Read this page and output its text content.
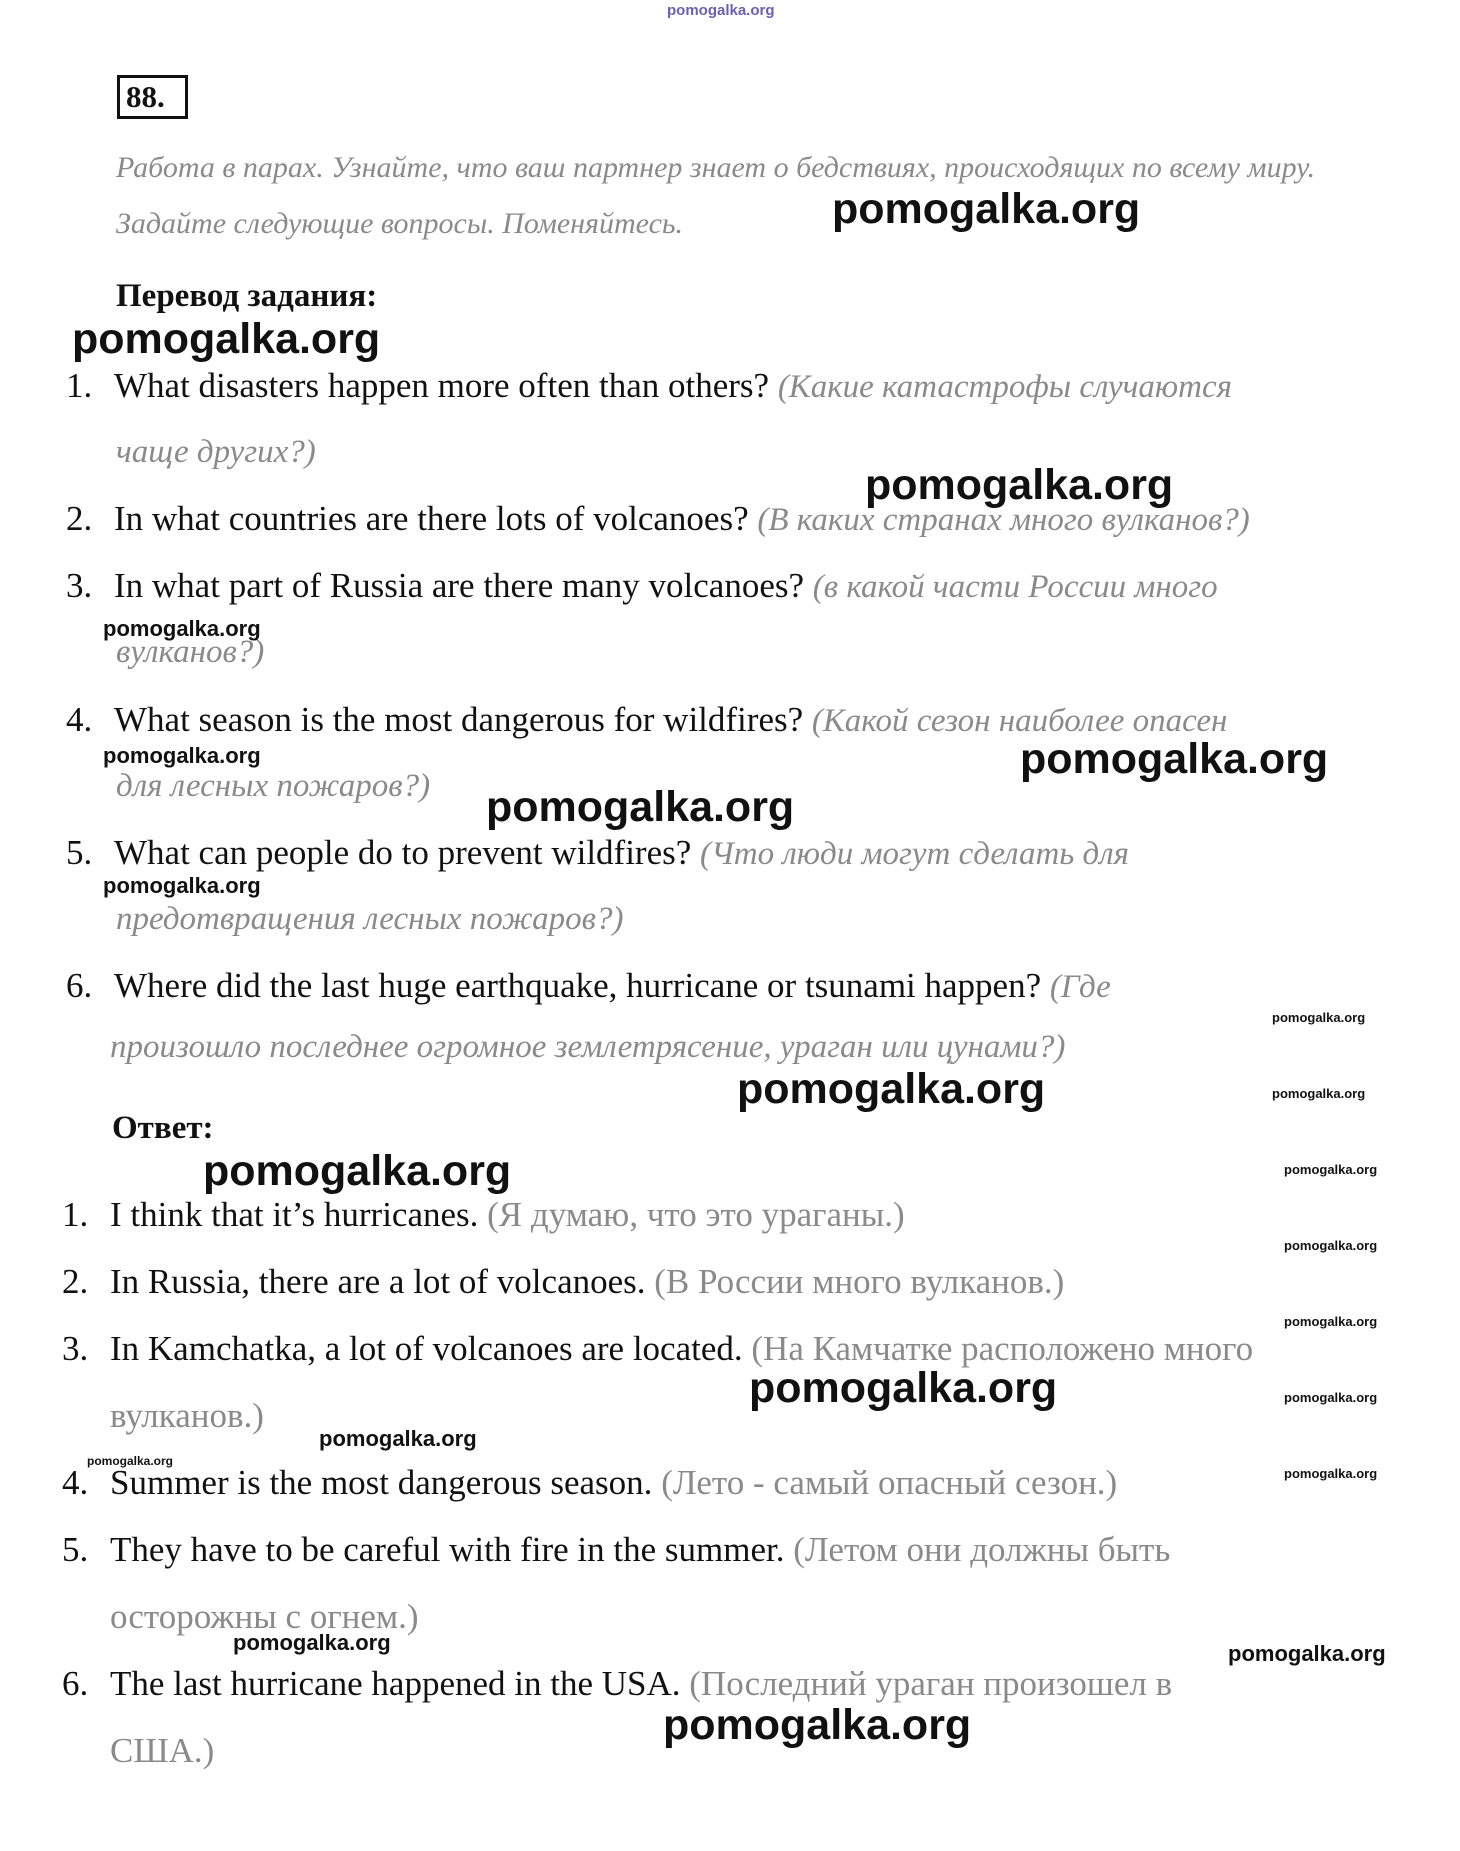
pomogalka.org
88.
Работа в парах. Узнайте, что ваш партнер знает о бедствиях, происходящих по всему миру. Задайте следующие вопросы. Поменяйтесь.
Перевод задания:
1. What disasters happen more often than others? (Какие катастрофы случаются
чаще других?)
2. In what countries are there lots of volcanoes? (В каких странах много вулканов?)
3. In what part of Russia are there many volcanoes? (в какой части России много
вулканов?)
4. What season is the most dangerous for wildfires? (Какой сезон наиболее опасен
для лесных пожаров?)
5. What can people do to prevent wildfires? (Что люди могут сделать для
предотвращения лесных пожаров?)
6. Where did the last huge earthquake, hurricane or tsunami happen? (Где
произошло последнее огромное землетрясение, ураган или цунами?)
Ответ:
1. I think that it’s hurricanes. (Я думаю, что это ураганы.)
2. In Russia, there are a lot of volcanoes. (В России много вулканов.)
3. In Kamchatka, a lot of volcanoes are located. (На Камчатке расположено много
вулканов.)
4. Summer is the most dangerous season. (Лето - самый опасный сезон.)
5. They have to be careful with fire in the summer. (Летом они должны быть
осторожны с огнем.)
6. The last hurricane happened in the USA. (Последний ураган произошел в
США.)
pomogalka.org
pomogalka.org
pomogalka.org
pomogalka.org
pomogalka.org	pomogalka.org
pomogalka.org
pomogalka.org
pomogalka.org
pomogalka.org	pomogalka.org
pomogalka.org	pomogalka.org
pomogalka.org
pomogalka.org
pomogalka.org	pomogalka.org
pomogalka.org
pomogalka.org
pomogalka.org
pomogalka.org
pomogalka.org
pomogalka.org
